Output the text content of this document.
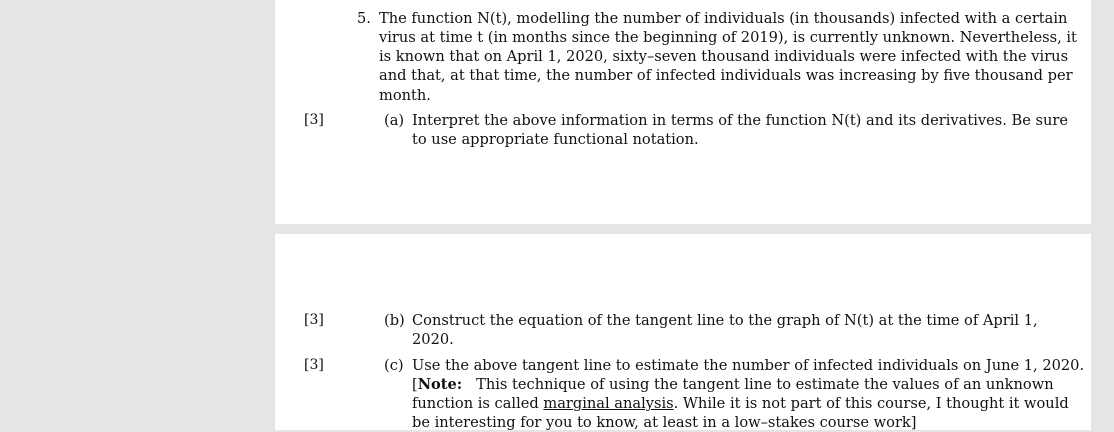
5. The function N(t), modelling the number of individuals (in thousands) infected with a certain
virus at time t (in months since the beginning of 2019), is currently unknown. Nevertheless, it
is known that on April 1, 2020, sixty–seven thousand individuals were infected with the virus
and that, at that time, the number of infected individuals was increasing by five thousand per
month.
[3]	(a) Interpret the above information in terms of the function N(t) and its derivatives. Be sure
to use appropriate functional notation.
[3]	(b) Construct the equation of the tangent line to the graph of N(t) at the time of April 1,
2020.
[3]	(c) Use the above tangent line to estimate the number of infected individuals on June 1, 2020.
[Note: This technique of using the tangent line to estimate the values of an unknown
function is called marginal analysis. While it is not part of this course, I thought it would
be interesting for you to know, at least in a low–stakes course work]
